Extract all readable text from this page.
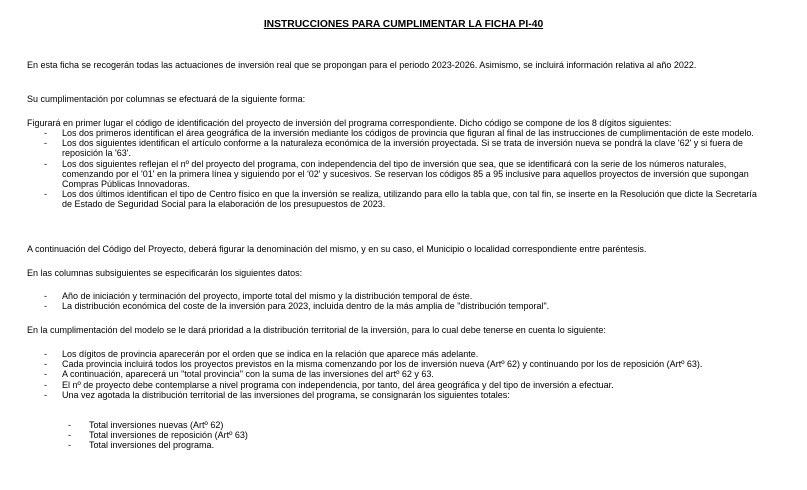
INSTRUCCIONES PARA CUMPLIMENTAR LA FICHA PI-40

En esta ficha se recogerán todas las actuaciones de inversión real que se propongan para el periodo 2023-2026. Asimismo, se incluirá información relativa al año 2022.

Su cumplimentación por columnas se efectuará de la siguiente forma:

Figurará en primer lugar el código de identificación del proyecto de inversión del programa correspondiente. Dicho código se compone de los 8 dígitos siguientes:

- Los dos primeros identifican el área geográfica de la inversión mediante los códigos de provincia que figuran al final de las instrucciones de cumplimentación de este modelo.
- Los dos siguientes identifican el artículo conforme a la naturaleza económica de la inversión proyectada. Si se trata de inversión nueva se pondrá la clave '62' y si fuera de reposición la '63'.
- Los dos siguientes reflejan el nº del proyecto del programa, con independencia del tipo de inversión que sea, que se identificará con la serie de los números naturales, comenzando por el '01' en la primera línea y siguiendo por el '02' y sucesivos. Se reservan los códigos 85 a 95 inclusive para aquellos proyectos de inversión que supongan Compras Públicas Innovadoras.
- Los dos últimos identifican el tipo de Centro físico en que la inversión se realiza, utilizando para ello la tabla que, con tal fin, se inserte en la Resolución que dicte la Secretaría de Estado de Seguridad Social para la elaboración de los presupuestos de 2023.

A continuación del Código del Proyecto, deberá figurar la denominación del mismo, y en su caso, el Municipio o localidad correspondiente entre paréntesis.

En las columnas subsiguientes se especificarán los siguientes datos:

- Año de iniciación y terminación del proyecto, importe total del mismo y la distribución temporal de éste.
- La distribución económica del coste de la inversión para 2023, incluida dentro de la más amplia de "distribución temporal".

En la cumplimentación del modelo se le dará prioridad a la distribución territorial de la inversión, para lo cual debe tenerse en cuenta lo siguiente:

- Los dígitos de provincia aparecerán por el orden que se indica en la relación que aparece más adelante.
- Cada provincia incluirá todos los proyectos previstos en la misma comenzando por los de inversión nueva (Artº 62) y continuando por los de reposición (Artº 63).
- A continuación, aparecerá un "total provincia" con la suma de las inversiones del artº 62 y 63.
- El nº de proyecto debe contemplarse a nivel programa con independencia, por tanto, del área geográfica y del tipo de inversión a efectuar.
- Una vez agotada la distribución territorial de las inversiones del programa, se consignarán los siguientes totales:
- Total inversiones nuevas (Artº 62)
- Total inversiones de reposición (Artº 63)
- Total inversiones del programa.
